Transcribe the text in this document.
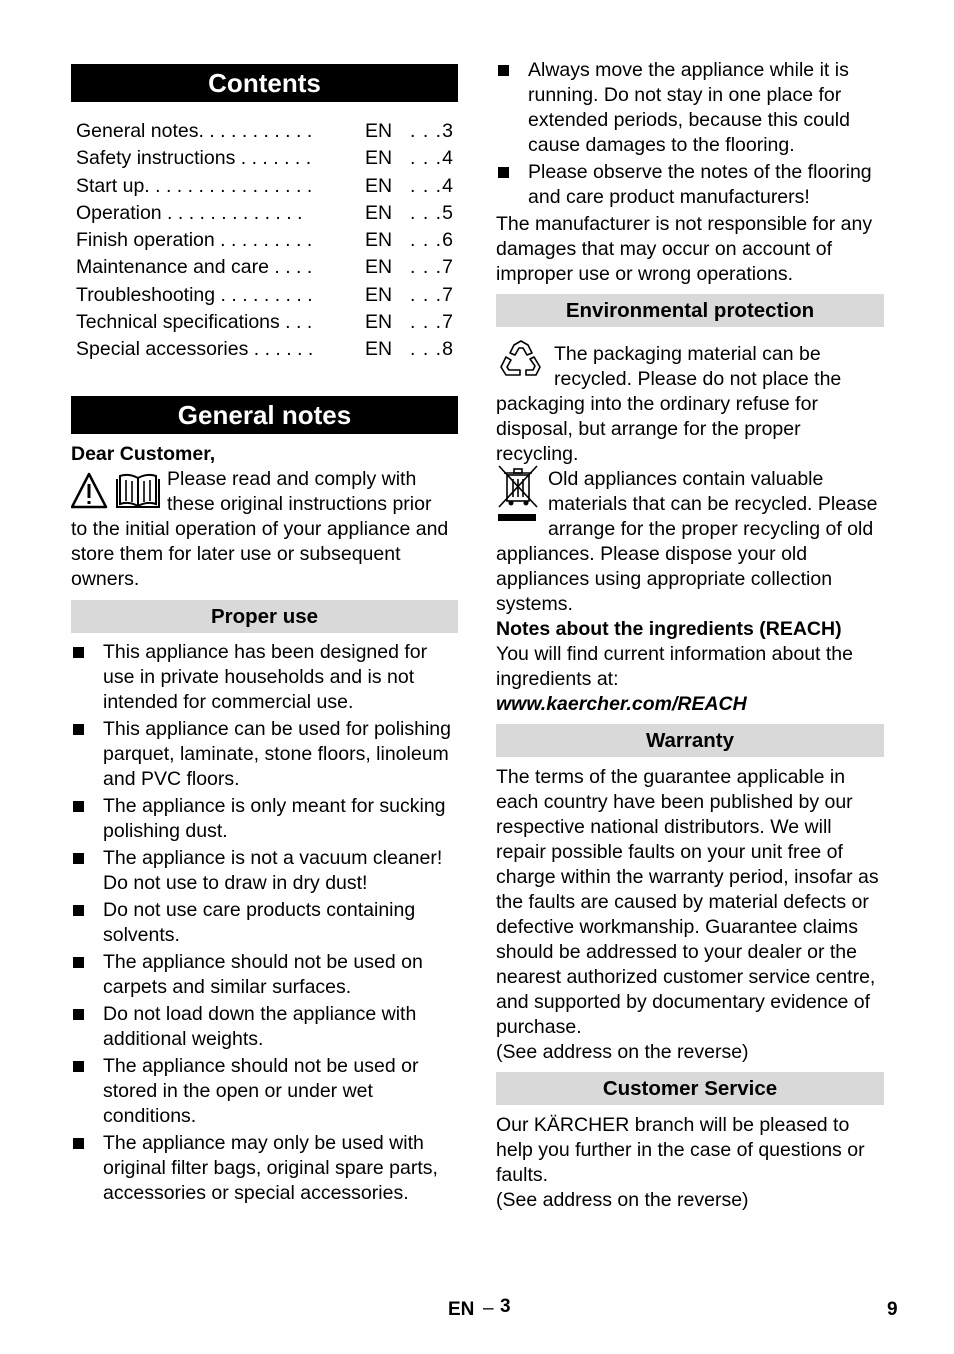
Contents
General notes. . . . . . . . . . .	EN . . .3
Safety instructions . . . . . . .	EN . . .4
Start up. . . . . . . . . . . . . . . .	EN . . .4
Operation . . . . . . . . . . . . .	EN . . .5
Finish operation . . . . . . . . .	EN . . .6
Maintenance and care . . . .	EN . . .7
Troubleshooting . . . . . . . . .	EN . . .7
Technical specifications . . .	EN . . .7
Special accessories . . . . . .	EN . . .8
General notes

Dear Customer,

Please read and comply with

these original instructions prior

to the initial operation of your appliance and store them for later use or subsequent owners.

Proper use
This appliance has been designed for use in private households and is not intended for commercial use.
This appliance can be used for polishing parquet, laminate, stone floors, linoleum and PVC floors.
The appliance is only meant for sucking polishing dust.
The appliance is not a vacuum cleaner! Do not use to draw in dry dust!
Do not use care products containing solvents.
The appliance should not be used on carpets and similar surfaces.
Do not load down the appliance with additional weights.
The appliance should not be used or stored in the open or under wet conditions.
The appliance may only be used with original filter bags, original spare parts, accessories or special accessories.
Always move the appliance while it is running. Do not stay in one place for extended periods, because this could cause damages to the flooring.
Please observe the notes of the flooring and care product manufacturers!

The manufacturer is not responsible for any damages that may occur on account of improper use or wrong operations.

Environmental protection

The packaging material can be recycled. Please do not place the packaging into the ordinary refuse for disposal, but arrange for the proper recycling.

Old appliances contain valuable materials that can be recycled. Please arrange for the proper recycling of old appliances. Please dispose your old appliances using appropriate collection systems.

Notes about the ingredients (REACH)

You will find current information about the ingredients at:

www.kaercher.com/REACH

Warranty

The terms of the guarantee applicable in each country have been published by our respective national distributors. We will repair possible faults on your unit free of charge within the warranty period, insofar as the faults are caused by material defects or defective workmanship. Guarantee claims should be addressed to your dealer or the nearest authorized customer service centre, and supported by documentary evidence of purchase.

(See address on the reverse)

Customer Service

Our KÄRCHER branch will be pleased to help you further in the case of questions or faults.

(See address on the reverse)

EN – 3	9
